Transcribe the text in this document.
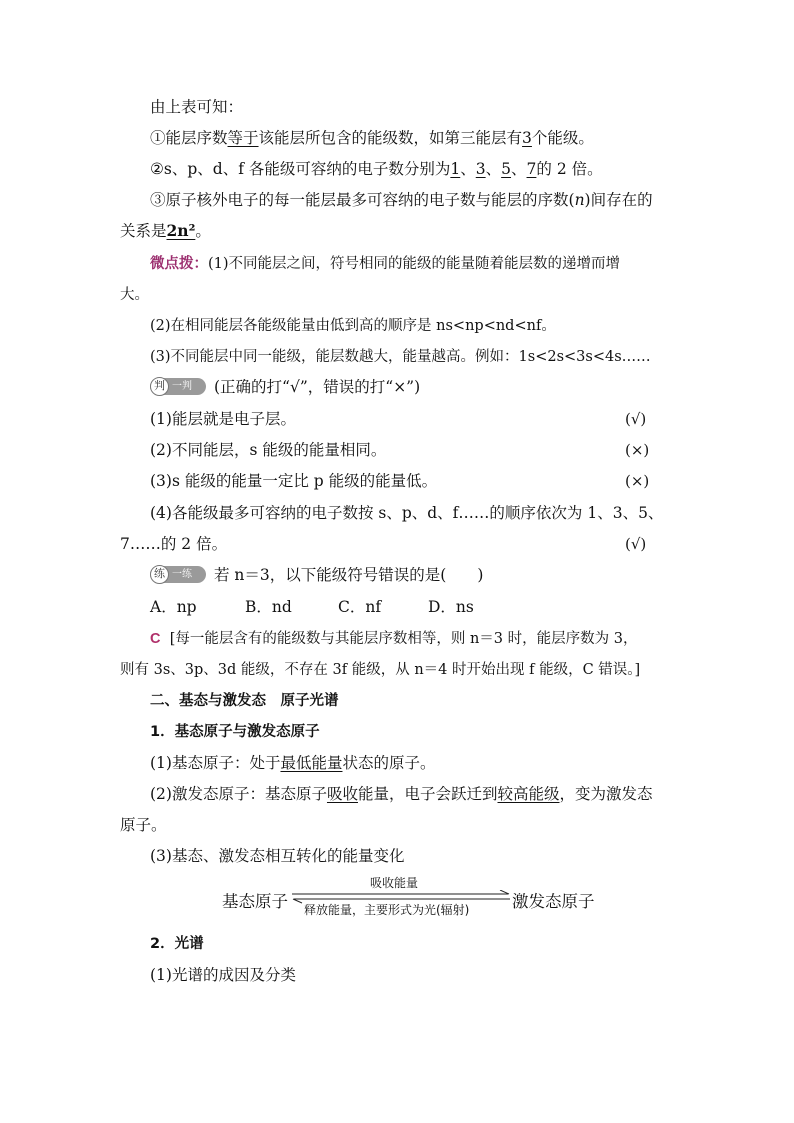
由上表可知：
①能层序数等于该能层所包含的能级数，如第三能层有3个能级。
②s、p、d、f 各能级可容纳的电子数分别为1、3、5、7的 2 倍。
③原子核外电子的每一能层最多可容纳的电子数与能层的序数(n)间存在的
关系是2n²。
微点拨：(1)不同能层之间，符号相同的能级的能量随着能层数的递增而增
大。
(2)在相同能层各能级能量由低到高的顺序是 ns<np<nd<nf。
(3)不同能层中同一能级，能层数越大，能量越高。例如：1s<2s<3s<4s……
判 一判 (正确的打“√”，错误的打“×”)
(1)能层就是电子层。	(√)
(2)不同能层，s 能级的能量相同。	(×)
(3)s 能级的能量一定比 p 能级的能量低。	(×)
(4)各能级最多可容纳的电子数按 s、p、d、f……的顺序依次为 1、3、5、
7……的 2 倍。	(√)
练 一练 若 n＝3，以下能级符号错误的是(　　)
A．np	B．nd	C．nf	D．ns
C [每一能层含有的能级数与其能层序数相等，则 n＝3 时，能层序数为 3，
则有 3s、3p、3d 能级，不存在 3f 能级，从 n＝4 时开始出现 f 能级，C 错误。]
二、基态与激发态　原子光谱
1．基态原子与激发态原子
(1)基态原子：处于最低能量状态的原子。
(2)激发态原子：基态原子吸收能量，电子会跃迁到较高能级，变为激发态
原子。
(3)基态、激发态相互转化的能量变化
基态原子
吸收能量
释放能量，主要形式为光(辐射)	激发态原子
2．光谱
(1)光谱的成因及分类
